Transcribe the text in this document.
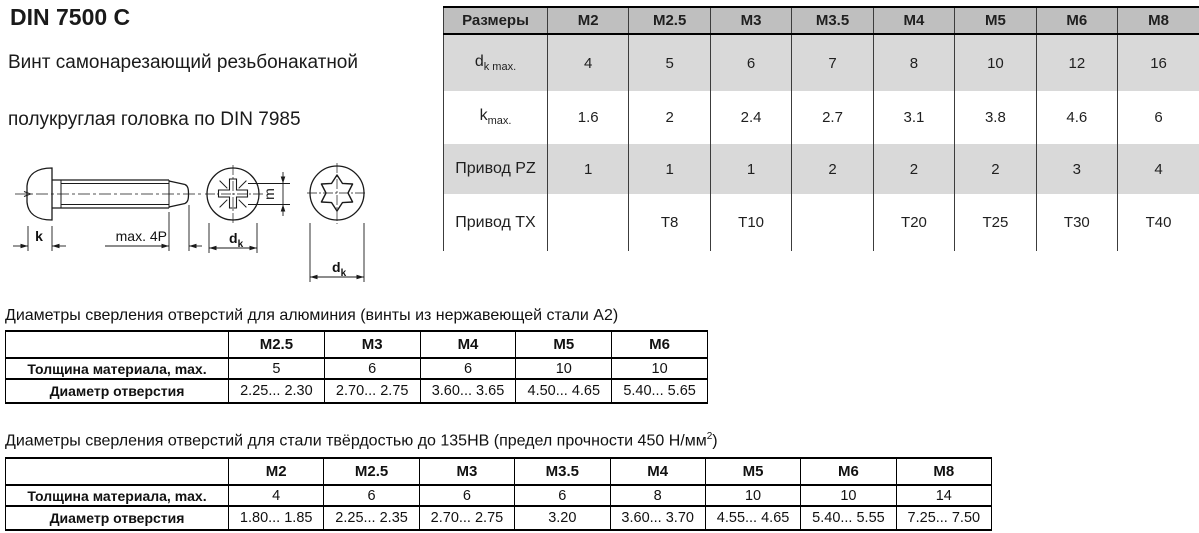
DIN 7500 C
Винт самонарезающий резьбонакатной
полукруглая головка по DIN 7985
k	max. 4P
m
$d_k$
$d_k$
Размеры	M2	M2.5	M3	M3.5	M4	M5	M6	M8
$d_{k max.}$	4	5	6	7	8	10	12	16
$k_{max.}$	1.6	2	2.4	2.7	3.1	3.8	4.6	6
Привод PZ	1	1	1	2	2	2	3	4
Привод TX		T8	T10		T20	T25	T30	T40
Диаметры сверления отверстий для алюминия (винты из нержавеющей стали А2)
	M2.5	M3	M4	M5	M6
Толщина материала, max.	5	6	6	10	10
Диаметр отверстия	2.25... 2.30	2.70... 2.75	3.60... 3.65	4.50... 4.65	5.40... 5.65
Диаметры сверления отверстий для стали твёрдостью до 135HB (предел прочности 450 $Н/мм^2$)
	M2	M2.5	M3	M3.5	M4	M5	M6	M8
Толщина материала, max.	4	6	6	6	8	10	10	14
Диаметр отверстия	1.80... 1.85	2.25... 2.35	2.70... 2.75	3.20	3.60... 3.70	4.55... 4.65	5.40... 5.55	7.25... 7.50
